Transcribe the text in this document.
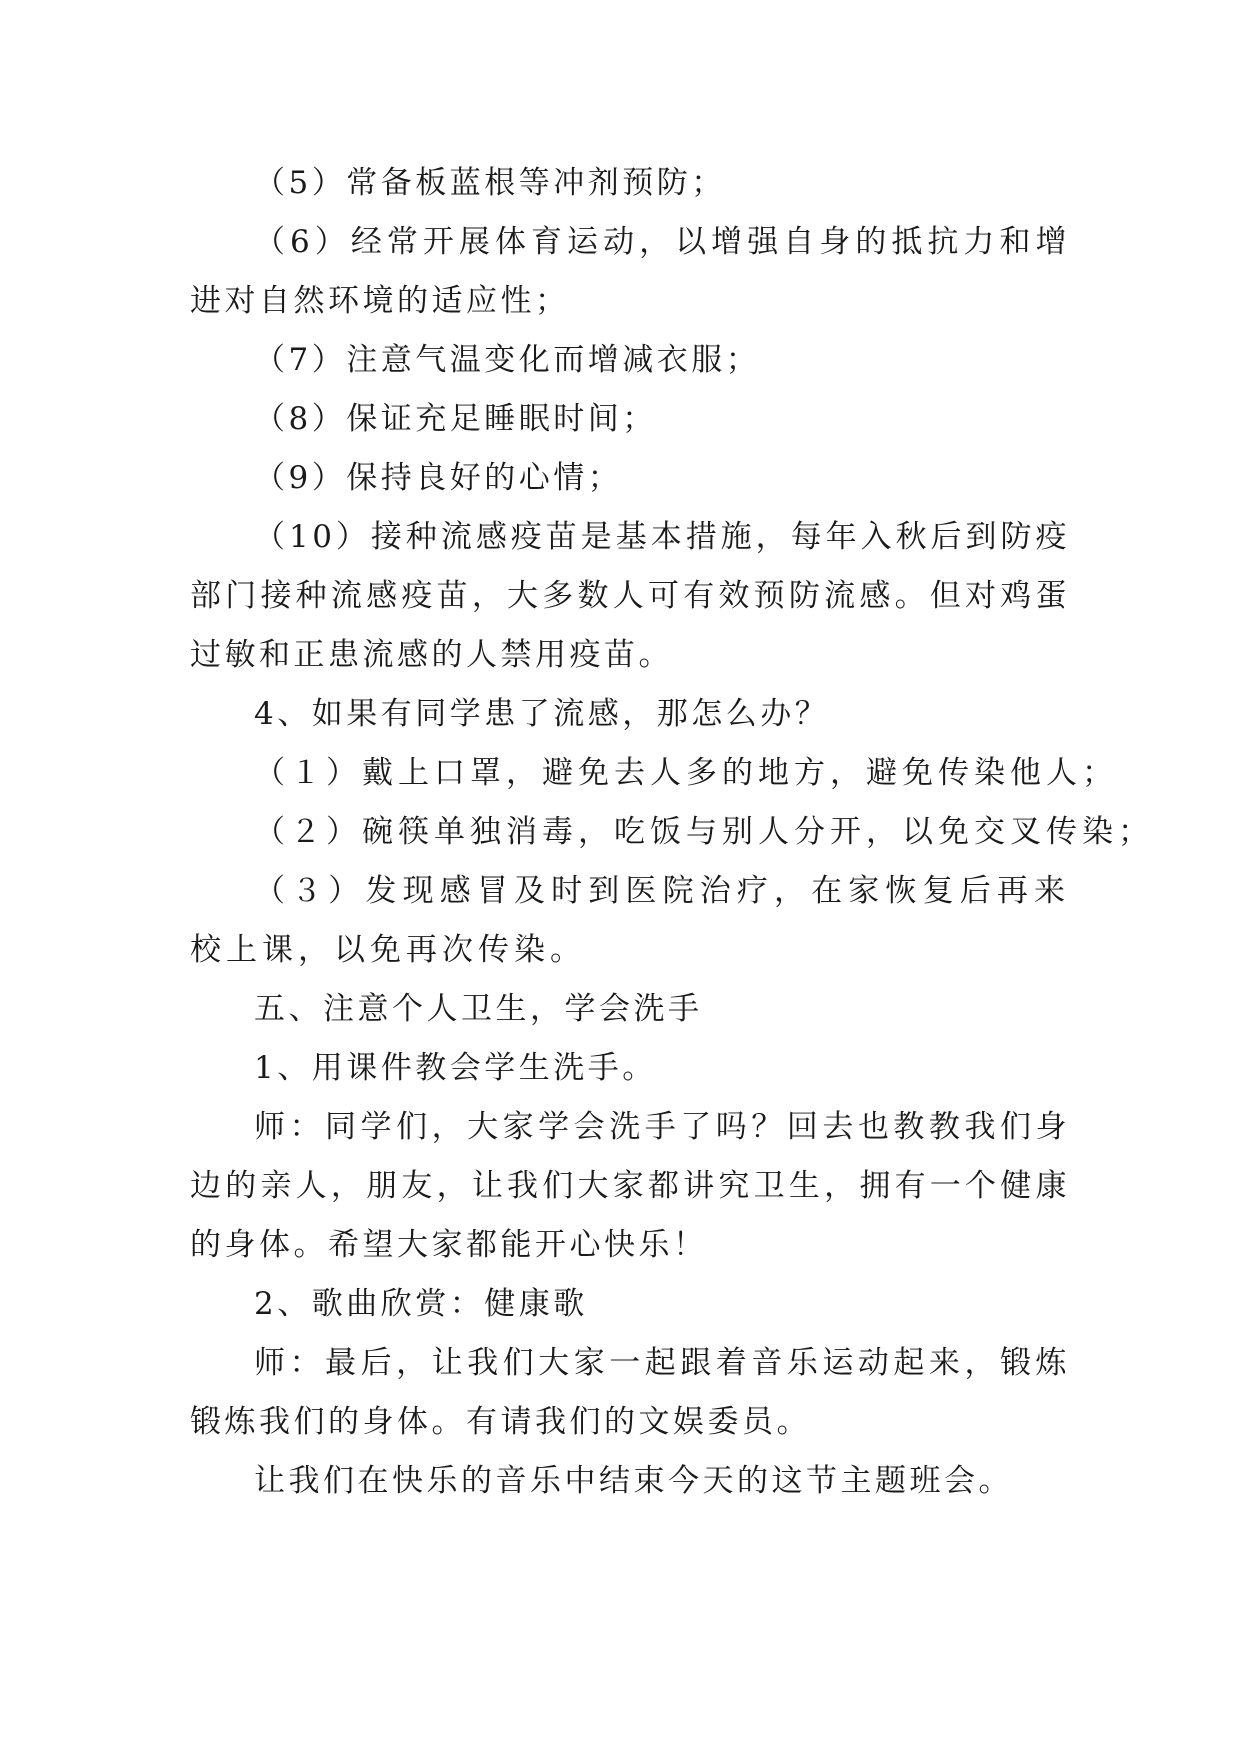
（5）常备板蓝根等冲剂预防；

（6）经常开展体育运动，以增强自身的抵抗力和增进对自然环境的适应性；

（7）注意气温变化而增减衣服；

（8）保证充足睡眠时间；

（9）保持良好的心情；

（10）接种流感疫苗是基本措施，每年入秋后到防疫部门接种流感疫苗，大多数人可有效预防流感。但对鸡蛋过敏和正患流感的人禁用疫苗。

4、如果有同学患了流感，那怎么办？

（１）戴上口罩，避免去人多的地方，避免传染他人；

（２）碗筷单独消毒，吃饭与别人分开，以免交叉传染；

（３）发现感冒及时到医院治疗，在家恢复后再来校上课，以免再次传染。

五、注意个人卫生，学会洗手

1、用课件教会学生洗手。

师：同学们，大家学会洗手了吗？回去也教教我们身边的亲人，朋友，让我们大家都讲究卫生，拥有一个健康的身体。希望大家都能开心快乐！

2、歌曲欣赏：健康歌

师：最后，让我们大家一起跟着音乐运动起来，锻炼锻炼我们的身体。有请我们的文娱委员。

让我们在快乐的音乐中结束今天的这节主题班会。
